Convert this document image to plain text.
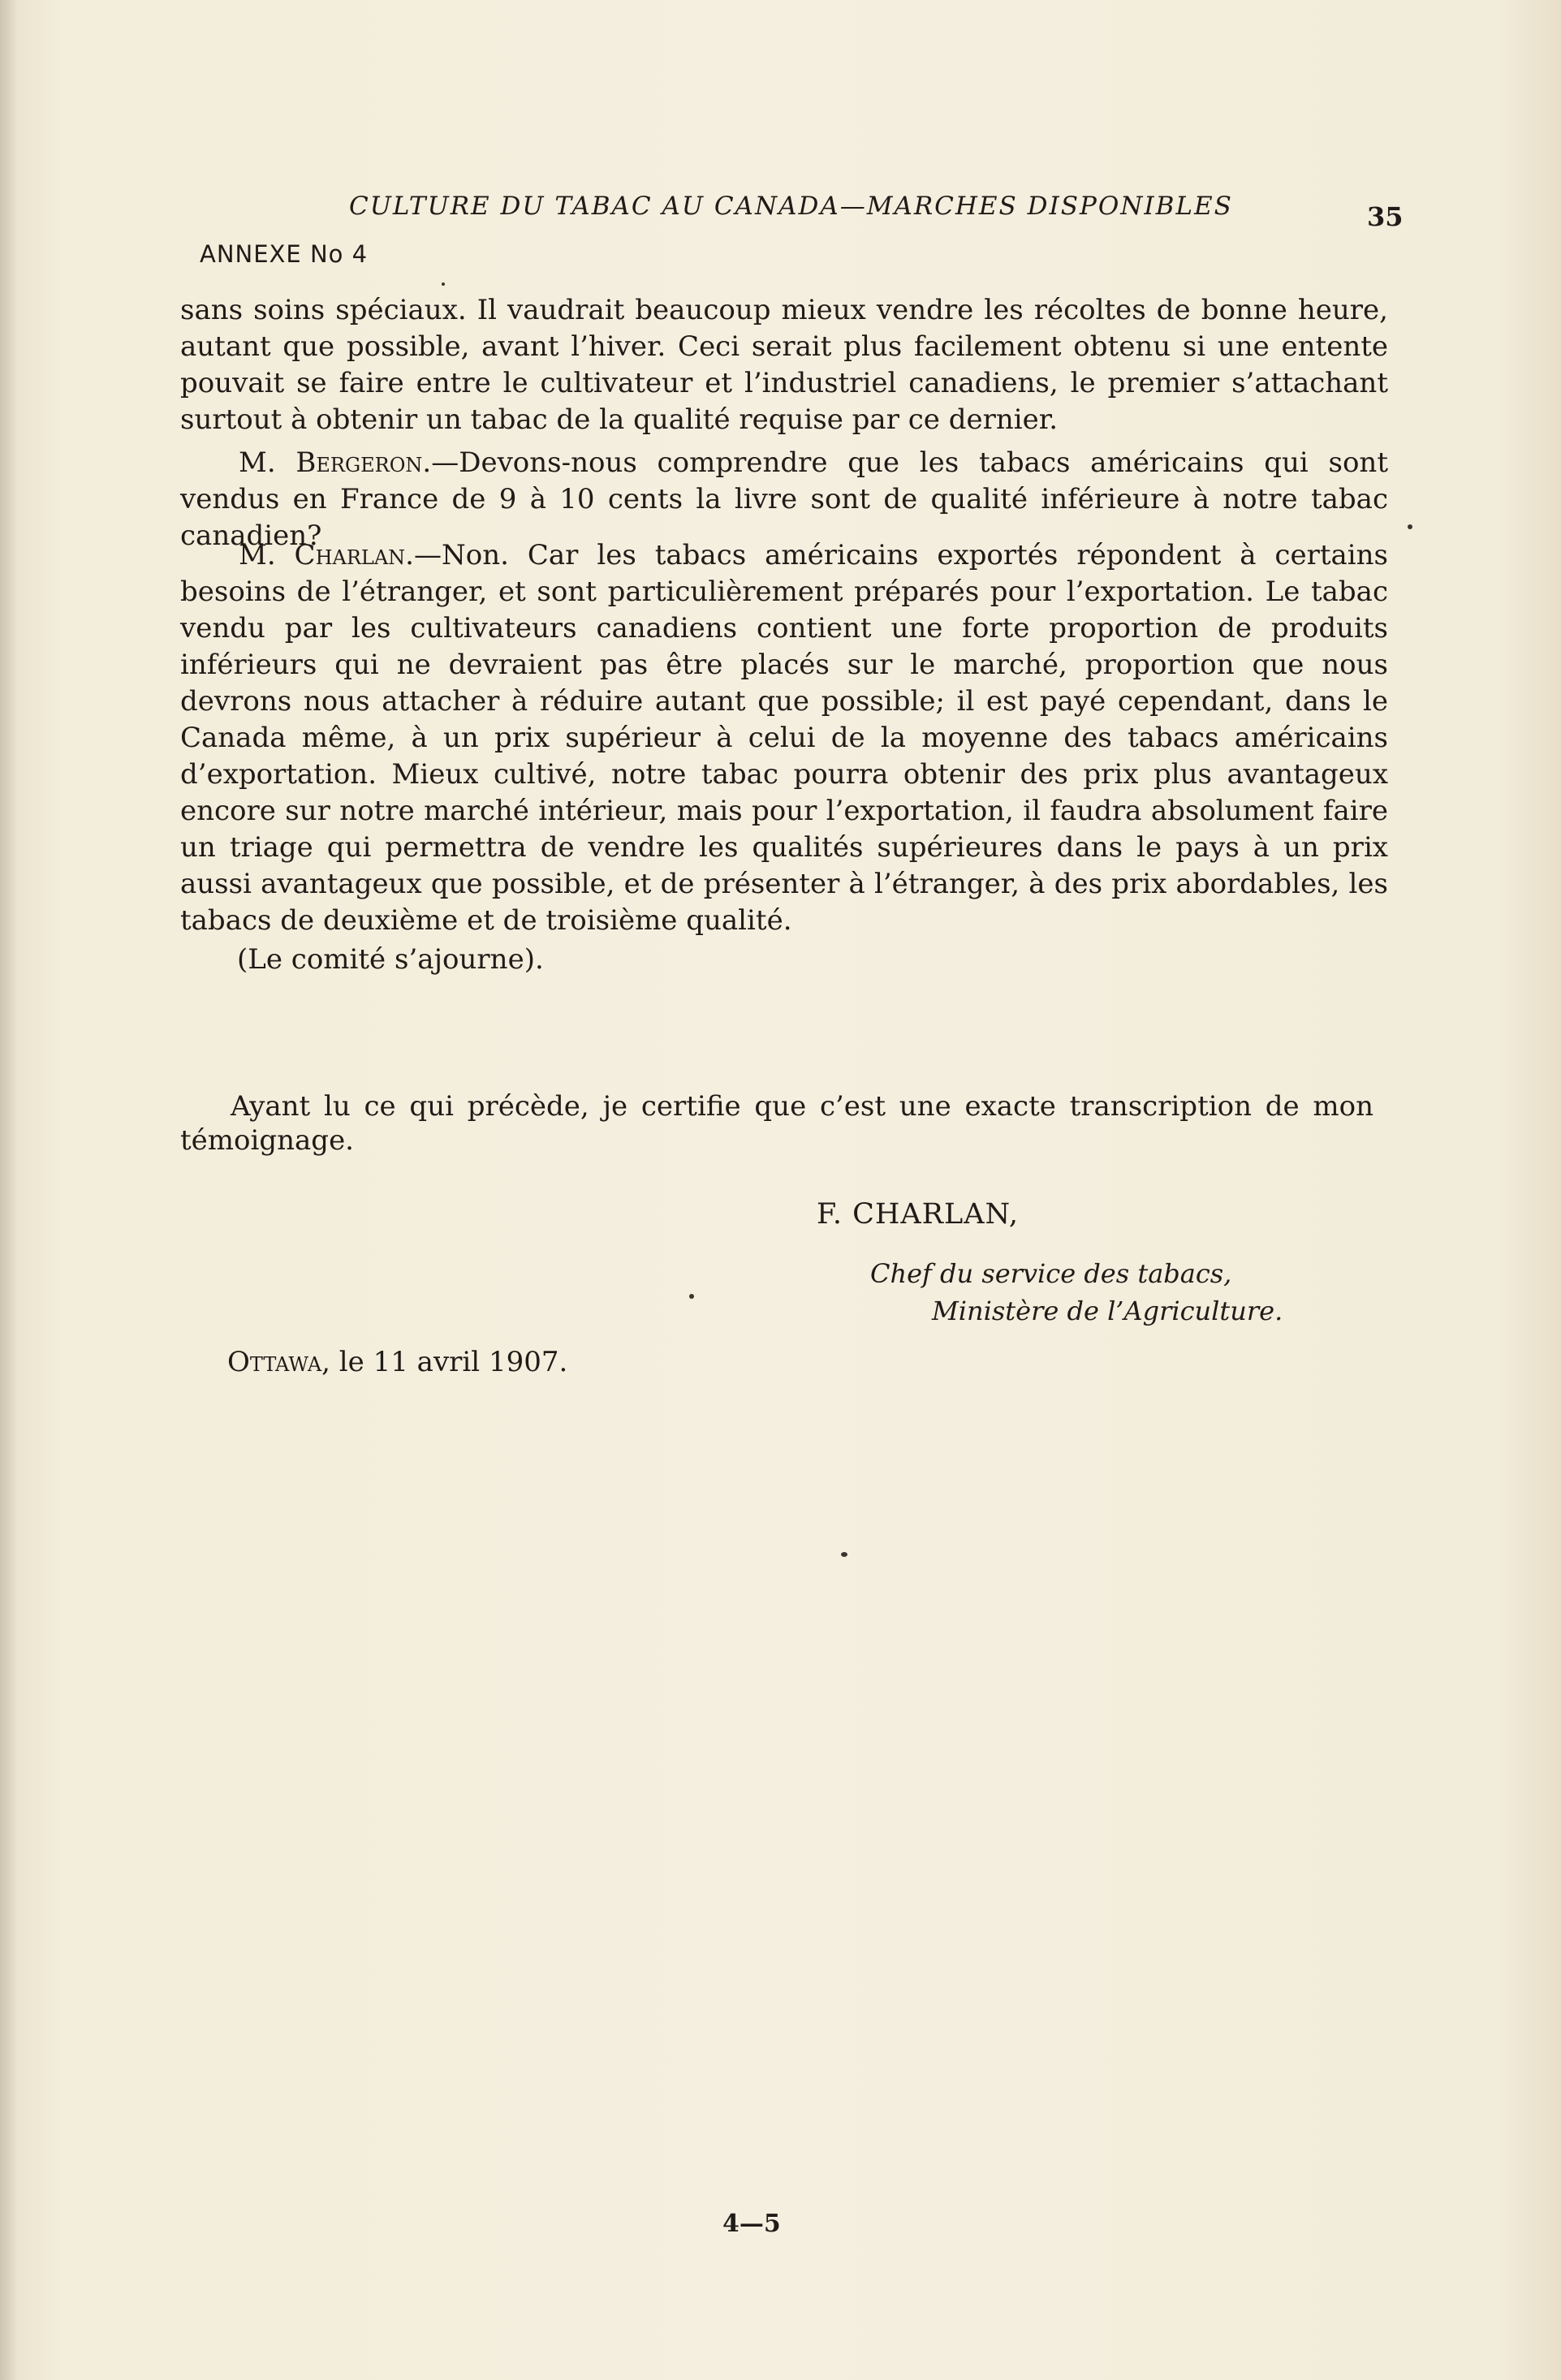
CULTURE DU TABAC AU CANADA—MARCHES DISPONIBLES	35
ANNEXE No 4
sans soins spéciaux. Il vaudrait beaucoup mieux vendre les récoltes de bonne heure, autant que possible, avant l’hiver. Ceci serait plus facilement obtenu si une entente pouvait se faire entre le cultivateur et l’industriel canadiens, le premier s’attachant surtout à obtenir un tabac de la qualité requise par ce dernier.
M. Bergeron.—Devons-nous comprendre que les tabacs américains qui sont vendus en France de 9 à 10 cents la livre sont de qualité inférieure à notre tabac canadien?
M. Charlan.—Non. Car les tabacs américains exportés répondent à certains besoins de l’étranger, et sont particulièrement préparés pour l’exportation. Le tabac vendu par les cultivateurs canadiens contient une forte proportion de produits inférieurs qui ne devraient pas être placés sur le marché, proportion que nous devrons nous attacher à réduire autant que possible; il est payé cependant, dans le Canada même, à un prix supérieur à celui de la moyenne des tabacs américains d’exportation. Mieux cultivé, notre tabac pourra obtenir des prix plus avantageux encore sur notre marché intérieur, mais pour l’exportation, il faudra absolument faire un triage qui permettra de vendre les qualités supérieures dans le pays à un prix aussi avantageux que possible, et de présenter à l’étranger, à des prix abordables, les tabacs de deuxième et de troisième qualité.
(Le comité s’ajourne).
Ayant lu ce qui précède, je certifie que c’est une exacte transcription de mon témoignage.
F. CHARLAN,
Chef du service des tabacs,
Ministère de l’Agriculture.
Ottawa, le 11 avril 1907.
4—5
